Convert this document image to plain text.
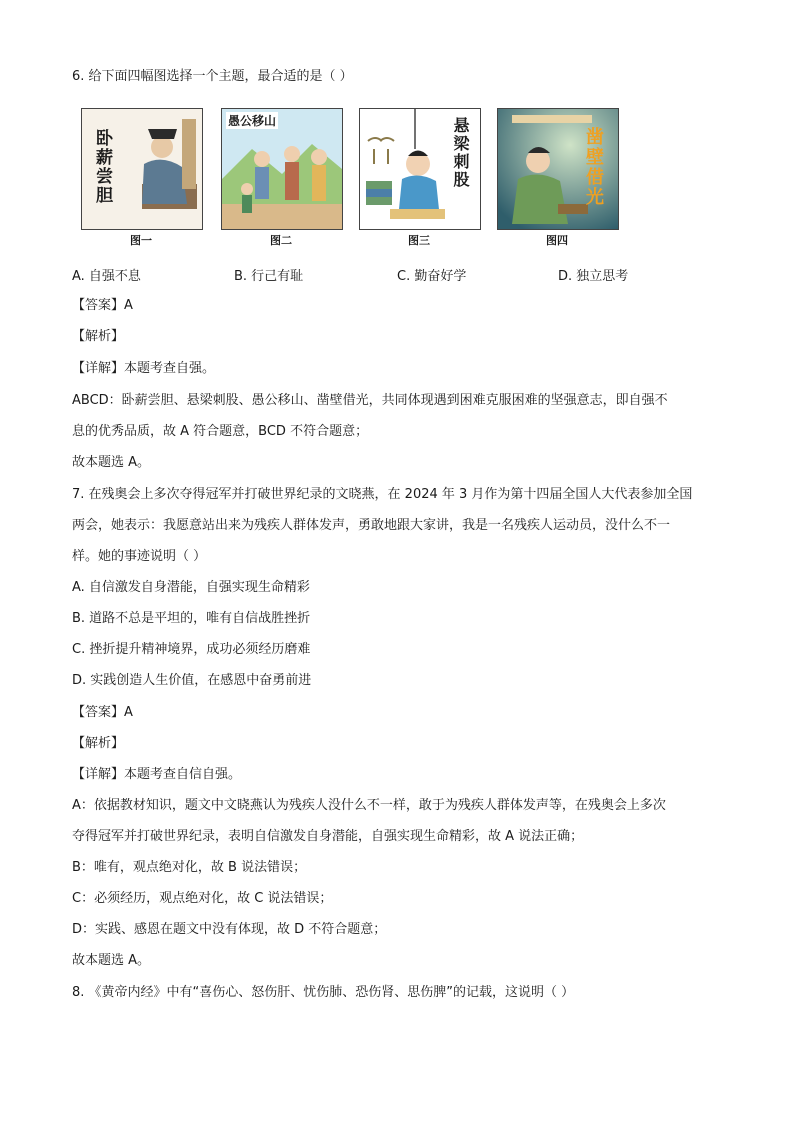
6. 给下面四幅图选择一个主题，最合适的是（ ）
卧薪尝胆
图一
愚公移山
图二
悬梁刺股
图三
凿壁借光
图四
A. 自强不息	B. 行己有耻	C. 勤奋好学	D. 独立思考
【答案】A
【解析】
【详解】本题考查自强。
ABCD：卧薪尝胆、悬梁刺股、愚公移山、凿壁借光，共同体现遇到困难克服困难的坚强意志，即自强不
息的优秀品质，故 A 符合题意，BCD 不符合题意；
故本题选 A。
7. 在残奥会上多次夺得冠军并打破世界纪录的文晓燕，在 2024 年 3 月作为第十四届全国人大代表参加全国
两会，她表示：我愿意站出来为残疾人群体发声，勇敢地跟大家讲，我是一名残疾人运动员，没什么不一
样。她的事迹说明（ ）
A. 自信激发自身潜能，自强实现生命精彩
B. 道路不总是平坦的，唯有自信战胜挫折
C. 挫折提升精神境界，成功必须经历磨难
D. 实践创造人生价值，在感恩中奋勇前进
【答案】A
【解析】
【详解】本题考查自信自强。
A：依据教材知识，题文中文晓燕认为残疾人没什么不一样，敢于为残疾人群体发声等，在残奥会上多次
夺得冠军并打破世界纪录，表明自信激发自身潜能，自强实现生命精彩，故 A 说法正确；
B：唯有，观点绝对化，故 B 说法错误；
C：必须经历，观点绝对化，故 C 说法错误；
D：实践、感恩在题文中没有体现，故 D 不符合题意；
故本题选 A。
8. 《黄帝内经》中有“喜伤心、怒伤肝、忧伤肺、恐伤肾、思伤脾”的记载，这说明（ ）
